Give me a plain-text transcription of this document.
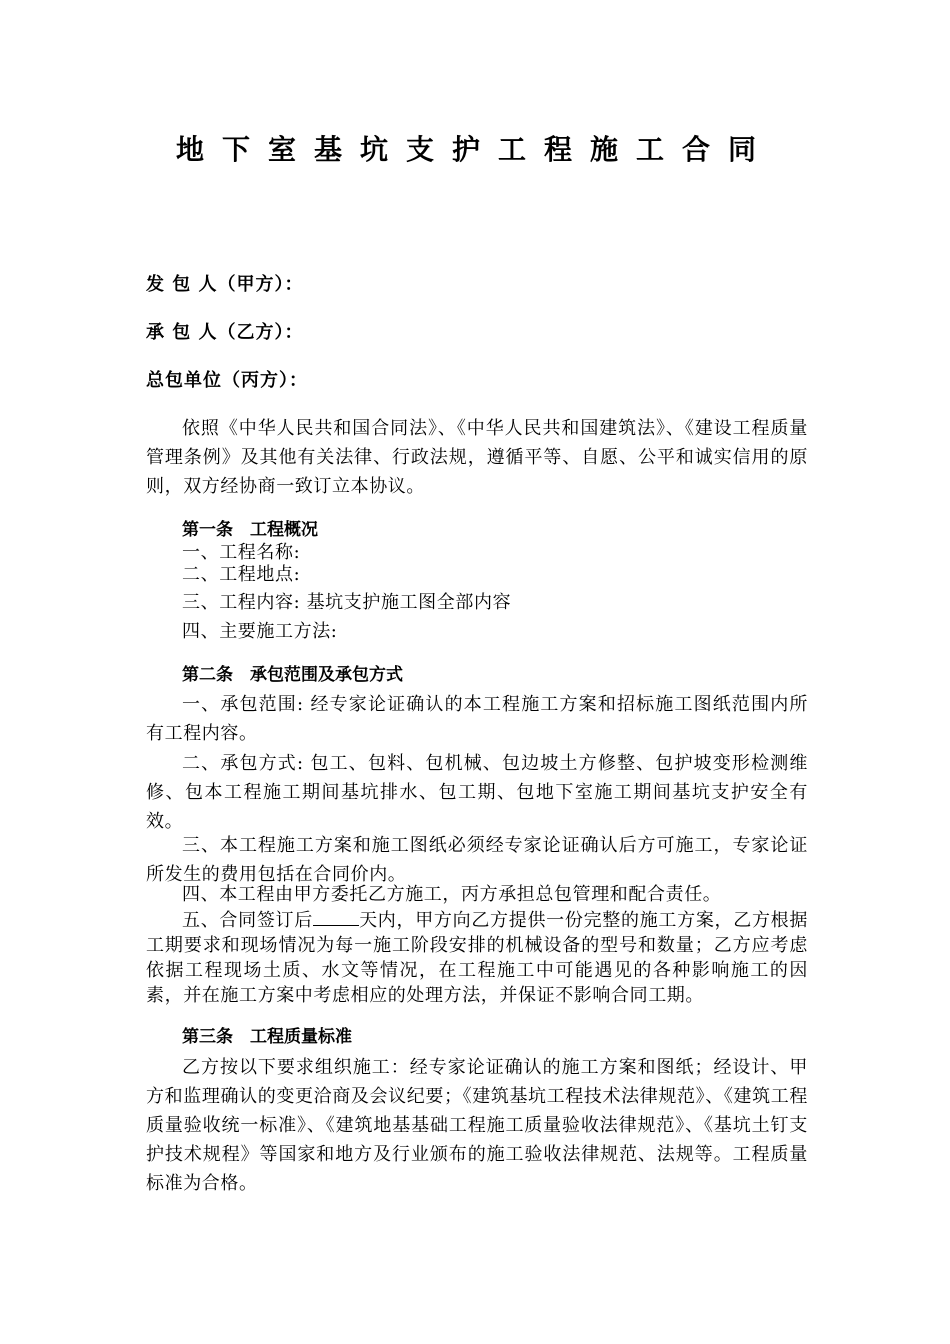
地下室基坑支护工程施工合同
发 包 人（甲方）：
承 包 人（乙方）：
总包单位（丙方）：
依照《中华人民共和国合同法》、《中华人民共和国建筑法》、《建设工程质量管理条例》及其他有关法律、行政法规，遵循平等、自愿、公平和诚实信用的原则，双方经协商一致订立本协议。
第一条　工程概况
一、工程名称:
二、工程地点:
三、工程内容: 基坑支护施工图全部内容
四、主要施工方法:
第二条　承包范围及承包方式
一、承包范围: 经专家论证确认的本工程施工方案和招标施工图纸范围内所有工程内容。
二、承包方式: 包工、包料、包机械、包边坡土方修整、包护坡变形检测维修、包本工程施工期间基坑排水、包工期、包地下室施工期间基坑支护安全有效。
三、本工程施工方案和施工图纸必须经专家论证确认后方可施工，专家论证所发生的费用包括在合同价内。
四、本工程由甲方委托乙方施工，丙方承担总包管理和配合责任。
五、合同签订后	天内，甲方向乙方提供一份完整的施工方案，乙方根据工期要求和现场情况为每一施工阶段安排的机械设备的型号和数量；乙方应考虑依据工程现场土质、水文等情况，在工程施工中可能遇见的各种影响施工的因素，并在施工方案中考虑相应的处理方法，并保证不影响合同工期。
第三条　工程质量标准
乙方按以下要求组织施工：经专家论证确认的施工方案和图纸；经设计、甲方和监理确认的变更洽商及会议纪要；《建筑基坑工程技术法律规范》、《建筑工程质量验收统一标准》、《建筑地基基础工程施工质量验收法律规范》、《基坑土钉支护技术规程》等国家和地方及行业颁布的施工验收法律规范、法规等。工程质量标准为合格。
